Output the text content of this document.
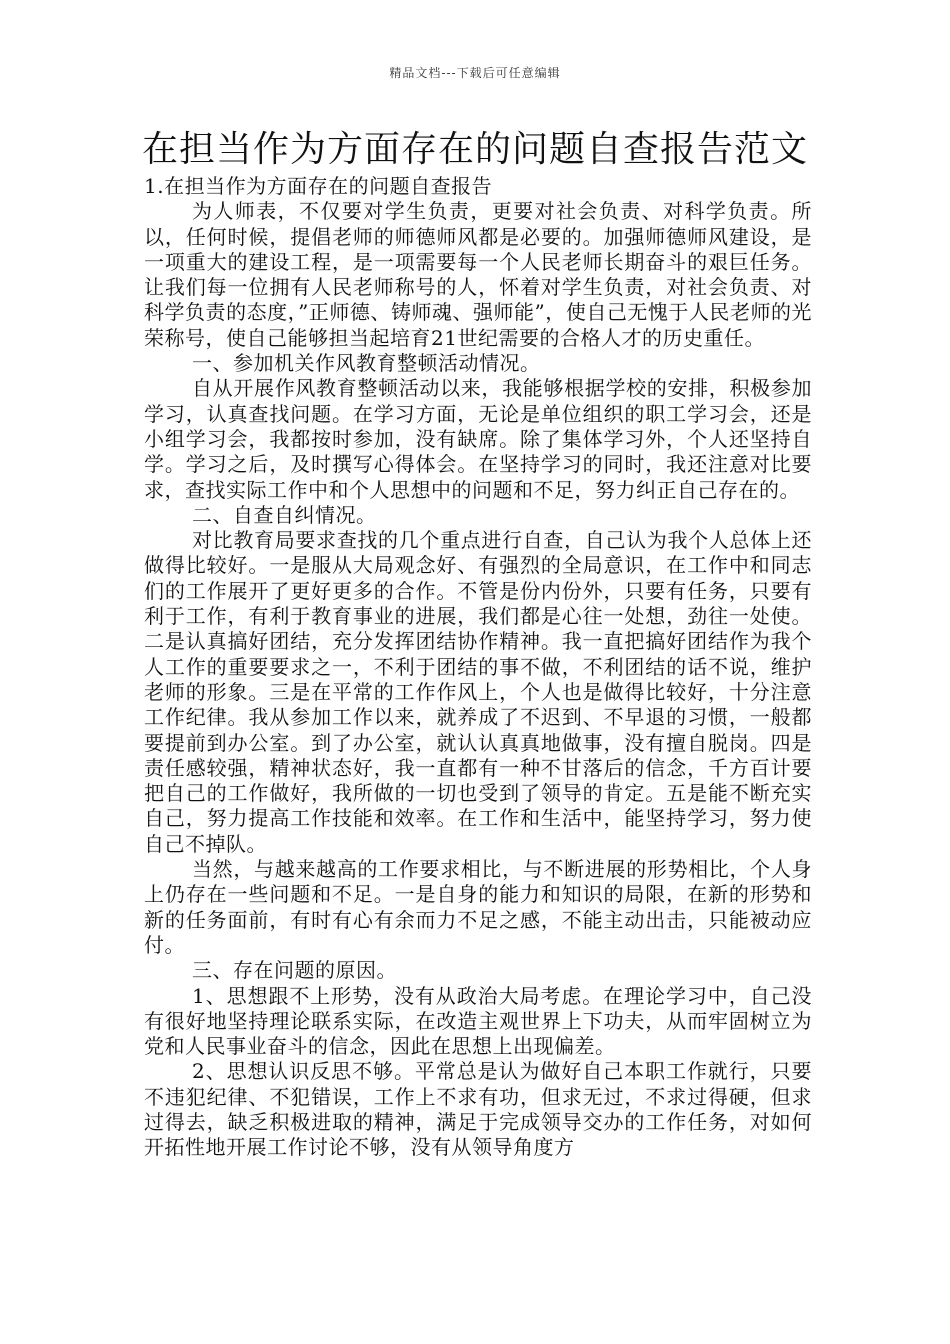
精品文档---下载后可任意编辑
在担当作为方面存在的问题自查报告范文

1.在担当作为方面存在的问题自查报告

为人师表，不仅要对学生负责，更要对社会负责、对科学负责。所以，任何时候，提倡老师的师德师风都是必要的。加强师德师风建设，是一项重大的建设工程，是一项需要每一个人民老师长期奋斗的艰巨任务。让我们每一位拥有人民老师称号的人，怀着对学生负责，对社会负责、对科学负责的态度，”正师德、铸师魂、强师能”，使自己无愧于人民老师的光荣称号，使自己能够担当起培育21世纪需要的合格人才的历史重任。

一、参加机关作风教育整顿活动情况。

自从开展作风教育整顿活动以来，我能够根据学校的安排，积极参加学习，认真查找问题。在学习方面，无论是单位组织的职工学习会，还是小组学习会，我都按时参加，没有缺席。除了集体学习外，个人还坚持自学。学习之后，及时撰写心得体会。在坚持学习的同时，我还注意对比要求，查找实际工作中和个人思想中的问题和不足，努力纠正自己存在的。

二、自查自纠情况。

对比教育局要求查找的几个重点进行自查，自己认为我个人总体上还做得比较好。一是服从大局观念好、有强烈的全局意识，在工作中和同志们的工作展开了更好更多的合作。不管是份内份外，只要有任务，只要有利于工作，有利于教育事业的进展，我们都是心往一处想，劲往一处使。二是认真搞好团结，充分发挥团结协作精神。我一直把搞好团结作为我个人工作的重要要求之一，不利于团结的事不做，不利团结的话不说，维护老师的形象。三是在平常的工作作风上，个人也是做得比较好，十分注意工作纪律。我从参加工作以来，就养成了不迟到、不早退的习惯，一般都要提前到办公室。到了办公室，就认认真真地做事，没有擅自脱岗。四是责任感较强，精神状态好，我一直都有一种不甘落后的信念，千方百计要把自己的工作做好，我所做的一切也受到了领导的肯定。五是能不断充实自己，努力提高工作技能和效率。在工作和生活中，能坚持学习，努力使自己不掉队。

当然，与越来越高的工作要求相比，与不断进展的形势相比，个人身上仍存在一些问题和不足。一是自身的能力和知识的局限，在新的形势和新的任务面前，有时有心有余而力不足之感，不能主动出击，只能被动应付。

三、存在问题的原因。

1、思想跟不上形势，没有从政治大局考虑。在理论学习中，自己没有很好地坚持理论联系实际，在改造主观世界上下功夫，从而牢固树立为党和人民事业奋斗的信念，因此在思想上出现偏差。

2、思想认识反思不够。平常总是认为做好自己本职工作就行，只要不违犯纪律、不犯错误，工作上不求有功，但求无过，不求过得硬，但求过得去，缺乏积极进取的精神，满足于完成领导交办的工作任务，对如何开拓性地开展工作讨论不够，没有从领导角度方
